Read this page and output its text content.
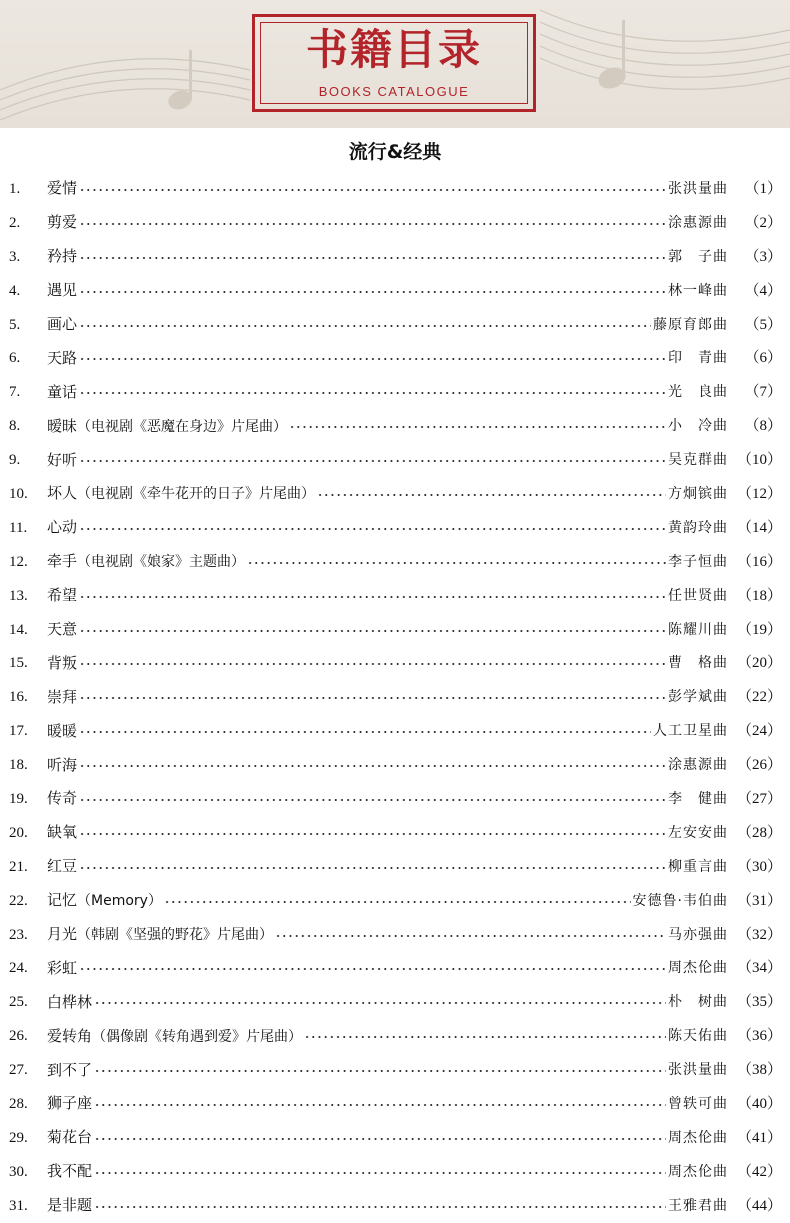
书籍目录
BOOKS CATALOGUE
流行&经典
1.	爱情	张洪量曲	（1）
2.	剪爱	涂惠源曲	（2）
3.	矜持	郭　子曲	（3）
4.	遇见	林一峰曲	（4）
5.	画心	藤原育郎曲	（5）
6.	天路	印　青曲	（6）
7.	童话	光　良曲	（7）
8.	暧昧（电视剧《恶魔在身边》片尾曲）	小　冷曲	（8）
9.	好听	吴克群曲 （10）
10.	坏人（电视剧《牵牛花开的日子》片尾曲）	方炯镔曲 （12）
11.	心动	黄韵玲曲 （14）
12.	牵手（电视剧《娘家》主题曲）	李子恒曲 （16）
13.	希望	任世贤曲 （18）
14.	天意	陈耀川曲 （19）
15.	背叛	曹　格曲 （20）
16.	崇拜	彭学斌曲 （22）
17.	暖暖	人工卫星曲 （24）
18.	听海	涂惠源曲 （26）
19.	传奇	李　健曲 （27）
20.	缺氧	左安安曲 （28）
21.	红豆	柳重言曲 （30）
22.	记忆（Memory）	安德鲁·韦伯曲 （31）
23.	月光（韩剧《坚强的野花》片尾曲）	马亦强曲 （32）
24.	彩虹	周杰伦曲 （34）
25.	白桦林	朴　树曲 （35）
26.	爱转角（偶像剧《转角遇到爱》片尾曲）	陈天佑曲 （36）
27.	到不了	张洪量曲 （38）
28.	狮子座	曾轶可曲 （40）
29.	菊花台	周杰伦曲 （41）
30.	我不配	周杰伦曲 （42）
31.	是非题	王雅君曲 （44）
